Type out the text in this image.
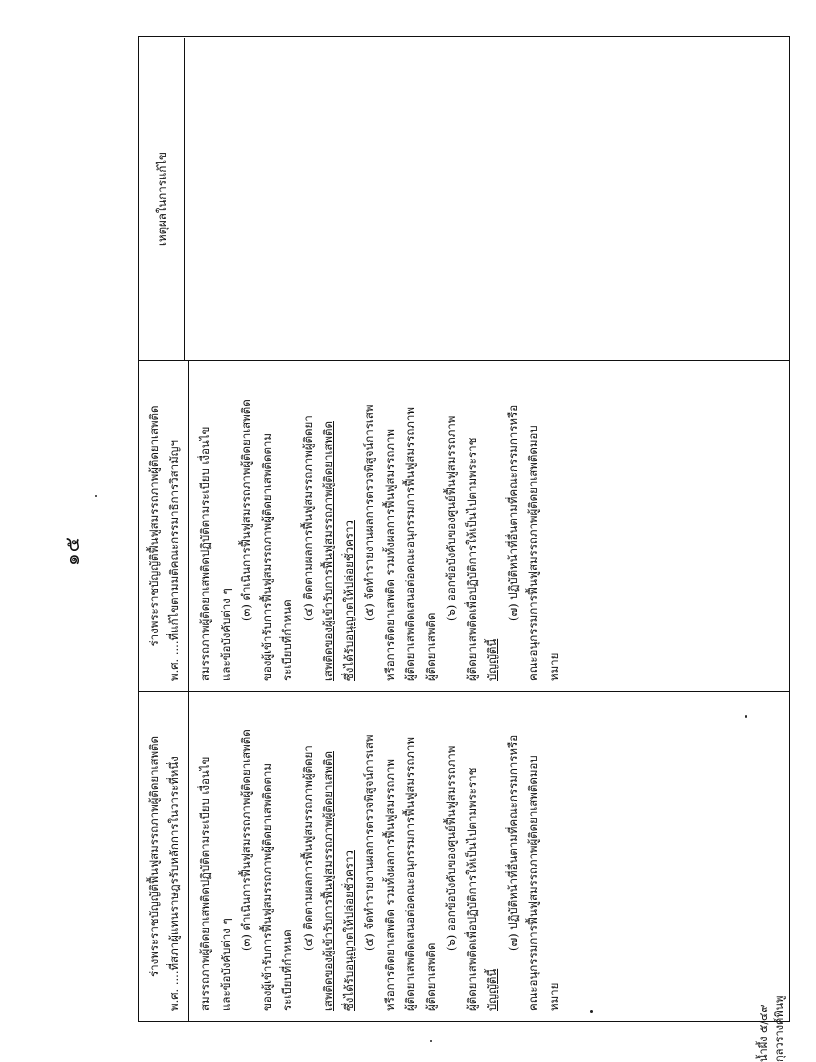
๑๕
ร่างพระราชบัญญัติฟื้นฟูสมรรถภาพผู้ติดยาเสพติด พ.ศ. ....ที่สภาผู้แทนราษฎรรับหลักการในวาระที่หนึ่ง สมรรถภาพผู้ติดยาเสพติดปฏิบัติตามระเบียบ เงื่อนไข และข้อบังคับต่าง ๆ

(๓) ดำเนินการฟื้นฟูสมรรถภาพผู้ติดยาเสพติด ของผู้เข้ารับการฟื้นฟูสมรรถภาพผู้ติดยาเสพติดตาม ระเบียบที่กำหนด

(๔) ติดตามผลการฟื้นฟูสมรรถภาพผู้ติดยา เสพติดของผู้เข้ารับการฟื้นฟูสมรรถภาพผู้ติดยาเสพติด ซึ่งได้รับอนุญาตให้ปล่อยชั่วคราว (๕) จัดทำรายงานผลการตรวจพิสูจน์การเสพ หรือการติดยาเสพติด รวมทั้งผลการฟื้นฟูสมรรถภาพ ผู้ติดยาเสพติดเสนอต่อคณะอนุกรรมการฟื้นฟูสมรรถภาพ ผู้ติดยาเสพติด

(๖) ออกข้อบังคับของศูนย์ฟื้นฟูสมรรถภาพ ผู้ติดยาเสพติดเพื่อปฏิบัติการให้เป็นไปตามพระราช บัญญัตินี้

(๗) ปฏิบัติหน้าที่อื่นตามที่คณะกรรมการหรือ คณะอนุกรรมการฟื้นฟูสมรรถภาพผู้ติดยาเสพติดมอบ หมาย

ร่างพระราชบัญญัติฟื้นฟูสมรรถภาพผู้ติดยาเสพติด พ.ศ. ....ที่แก้ไขตามมติคณะกรรมาธิการวิสามัญฯ สมรรถภาพผู้ติดยาเสพติดปฏิบัติตามระเบียบ เงื่อนไข และข้อบังคับต่าง ๆ

(๓) ดำเนินการฟื้นฟูสมรรถภาพผู้ติดยาเสพติด ของผู้เข้ารับการฟื้นฟูสมรรถภาพผู้ติดยาเสพติดตาม ระเบียบที่กำหนด

(๔) ติดตามผลการฟื้นฟูสมรรถภาพผู้ติดยา เสพติดของผู้เข้ารับการฟื้นฟูสมรรถภาพผู้ติดยาเสพติด ซึ่งได้รับอนุญาตให้ปล่อยชั่วคราว (๕) จัดทำรายงานผลการตรวจพิสูจน์การเสพ หรือการติดยาเสพติด รวมทั้งผลการฟื้นฟูสมรรถภาพ ผู้ติดยาเสพติดเสนอต่อคณะอนุกรรมการฟื้นฟูสมรรถภาพ ผู้ติดยาเสพติด

(๖) ออกข้อบังคับของศูนย์ฟื้นฟูสมรรถภาพ ผู้ติดยาเสพติดเพื่อปฏิบัติการให้เป็นไปตามพระราช บัญญัตินี้

(๗) ปฏิบัติหน้าที่อื่นตามที่คณะกรรมการหรือ คณะอนุกรรมการฟื้นฟูสมรรถภาพผู้ติดยาเสพติดมอบ หมาย

เหตุผลในการแก้ไข
น้ำผึ้ง ๕/๔๙ กุลวรางค์พินพู
